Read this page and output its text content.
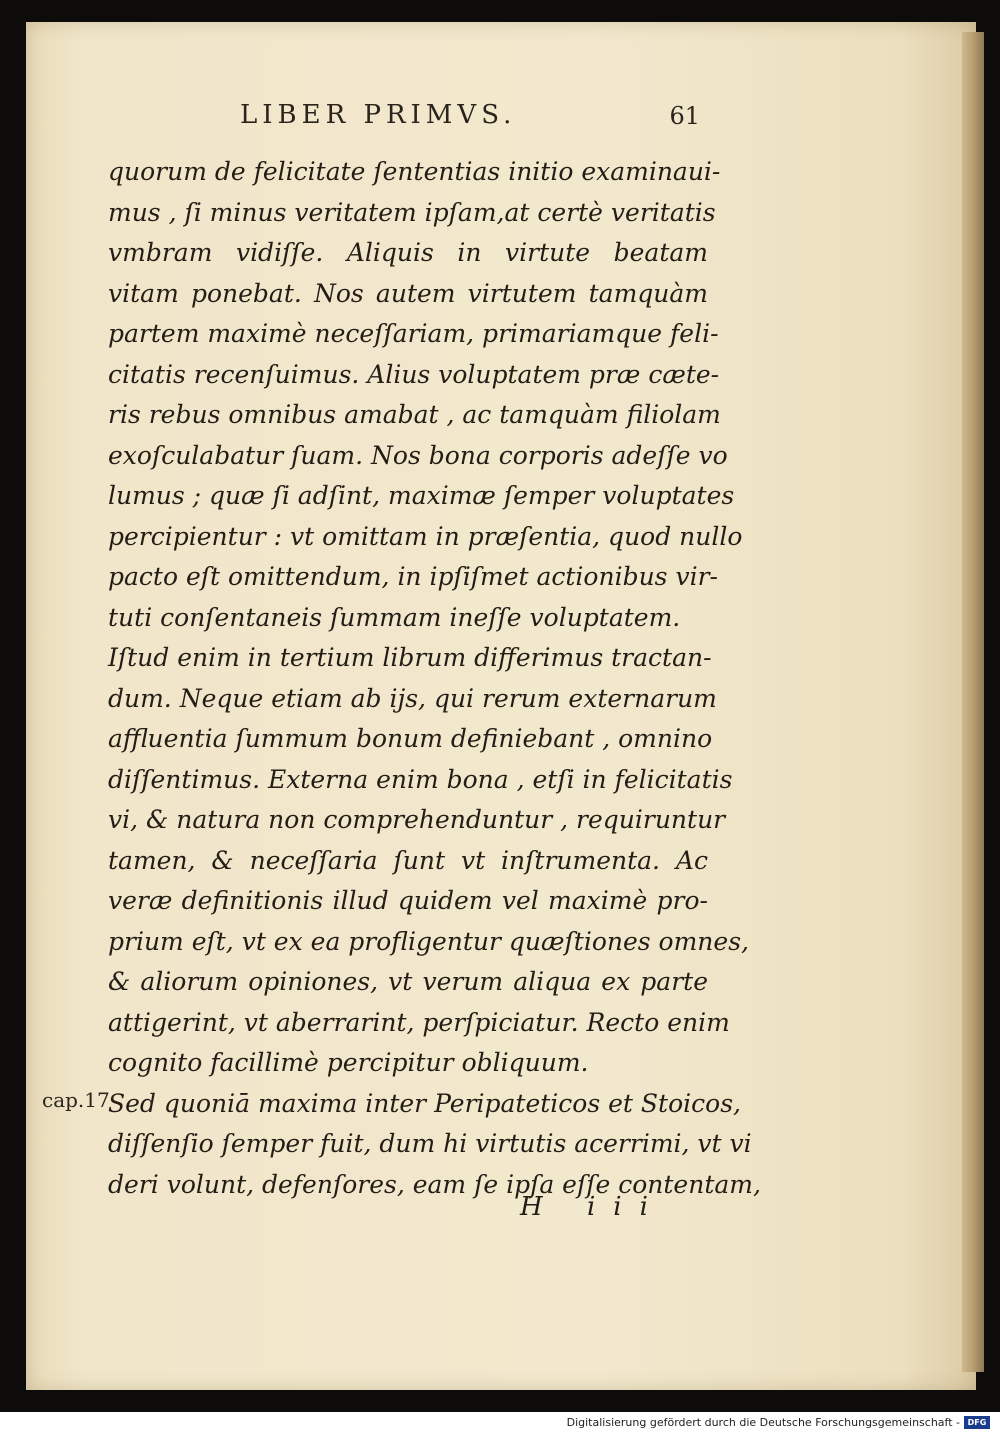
LIBER PRIMVS.	61
quorum de felicitate ſententias initio examinaui-
mus , ſi minus veritatem ipſam,at certè veritatis
vmbram vidiſſe. Aliquis in virtute beatam
vitam ponebat. Nos autem virtutem tamquàm
partem maximè neceſſariam, primariamque feli-
citatis recenſuimus. Alius voluptatem præ cæte-
ris rebus omnibus amabat , ac tamquàm filiolam
exoſculabatur ſuam. Nos bona corporis adeſſe vo
lumus ; quæ ſi adſint, maximæ ſemper voluptates
percipientur : vt omittam in præſentia, quod nullo
pacto eſt omittendum, in ipſiſmet actionibus vir-
tuti conſentaneis ſummam ineſſe voluptatem.
Iſtud enim in tertium librum differimus tractan-
dum. Neque etiam ab ijs, qui rerum externarum
affluentia ſummum bonum definiebant , omnino
diſſentimus. Externa enim bona , etſi in felicitatis
vi, & natura non comprehenduntur , requiruntur
tamen, & neceſſaria ſunt vt inſtrumenta. Ac
veræ definitionis illud quidem vel maximè pro-
prium eſt, vt ex ea profligentur quæſtiones omnes,
& aliorum opiniones, vt verum aliqua ex parte
attigerint, vt aberrarint, perſpiciatur. Recto enim
cognito facillimè percipitur obliquum.
Sed quoniā maxima inter Peripateticos et Stoicos,
diſſenſio ſemper fuit, dum hi virtutis acerrimi, vt vi
deri volunt, defenſores, eam ſe ipſa eſſe contentam,
cap.17
H iii
Digitalisierung gefördert durch die Deutsche Forschungsgemeinschaft - DFG
